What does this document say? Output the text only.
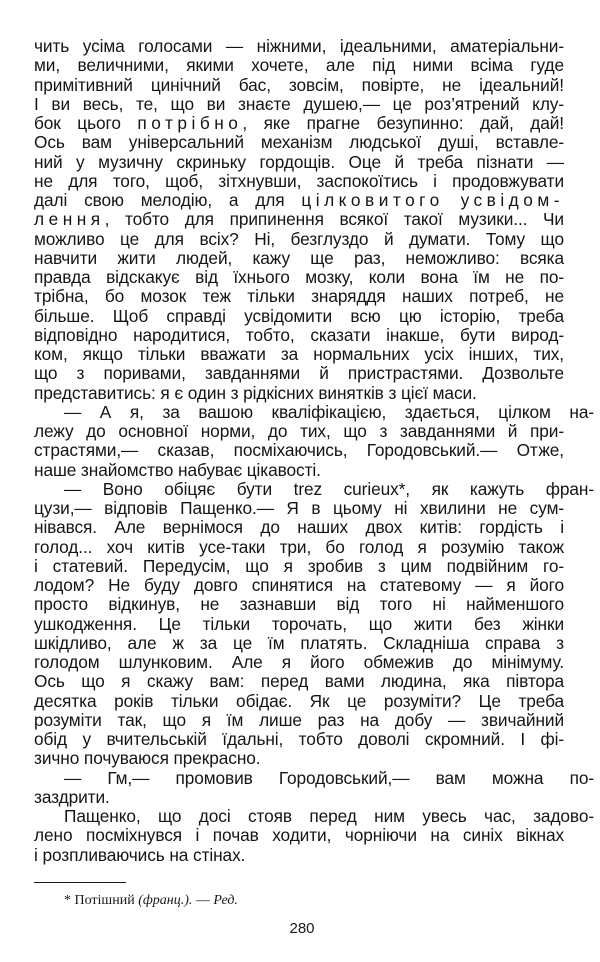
чить усіма голосами — ніжними, ідеальними, аматеріальни-
ми, величними, якими хочете, але під ними всіма гуде
примітивний цинічний бас, зовсім, повірте, не ідеальний!
І ви весь, те, що ви знаєте душею,— це роз’ятрений клу-
бок цього потрібно, яке прагне безупинно: дай, дай!
Ось вам універсальний механізм людської душі, вставле-
ний у музичну скриньку гордощів. Оце й треба пізнати —
не для того, щоб, зітхнувши, заспокоїтись і продовжувати
далі свою мелодію, а для цілковитого усвідом-
лення, тобто для припинення всякої такої музики... Чи
можливо це для всіх? Ні, безглуздо й думати. Тому що
навчити жити людей, кажу ще раз, неможливо: всяка
правда відскакує від їхнього мозку, коли вона їм не по-
трібна, бо мозок теж тільки знаряддя наших потреб, не
більше. Щоб справді усвідомити всю цю історію, треба
відповідно народитися, тобто, сказати інакше, бути вирод-
ком, якщо тільки вважати за нормальних усіх інших, тих,
що з поривами, завданнями й пристрастями. Дозвольте
представитись: я є один з рідкісних винятків з цієї маси.
— А я, за вашою кваліфікацією, здається, цілком на-
лежу до основної норми, до тих, що з завданнями й при-
страстями,— сказав, посміхаючись, Городовський.— Отже,
наше знайомство набуває цікавості.
— Воно обіцяє бути trez curieux*, як кажуть фран-
цузи,— відповів Пащенко.— Я в цьому ні хвилини не сум-
нівався. Але вернімося до наших двох китів: гордість і
голод... хоч китів усе-таки три, бо голод я розумію також
і статевий. Передусім, що я зробив з цим подвійним го-
лодом? Не буду довго спинятися на статевому — я його
просто відкинув, не зазнавши від того ні найменшого
ушкодження. Це тільки торочать, що жити без жінки
шкідливо, але ж за це їм платять. Складніша справа з
голодом шлунковим. Але я його обмежив до мінімуму.
Ось що я скажу вам: перед вами людина, яка півтора
десятка років тільки обідає. Як це розуміти? Це треба
розуміти так, що я їм лише раз на добу — звичайний
обід у вчительській їдальні, тобто доволі скромний. І фі-
зично почуваюся прекрасно.
— Гм,— промовив Городовський,— вам можна по-
заздрити.
Пащенко, що досі стояв перед ним увесь час, задово-
лено посміхнувся і почав ходити, чорніючи на синіх вікнах
і розпливаючись на стінах.
* Потішний (франц.). — Ред.
280
